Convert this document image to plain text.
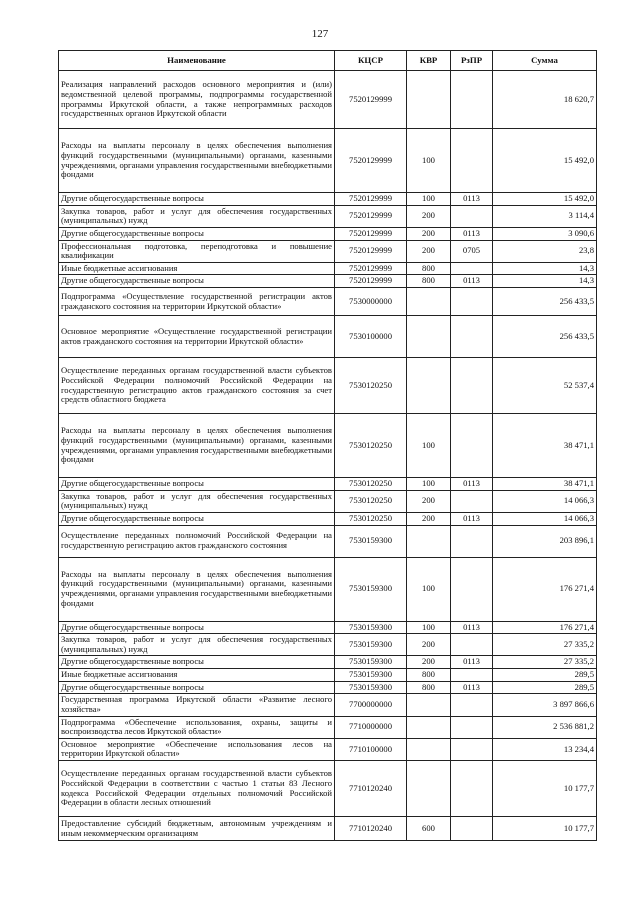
127
Наименование	КЦСР	КВР	РзПР	Сумма
Реализация направлений расходов основного мероприятия и (или) ведомственной целевой программы, подпрограммы государственной программы Иркутской области, а также непрограммных расходов государственных органов Иркутской области	7520129999			18 620,7
Расходы на выплаты персоналу в целях обеспечения выполнения функций государственными (муниципальными) органами, казенными учреждениями, органами управления государственными внебюджетными фондами	7520129999	100		15 492,0
Другие общегосударственные вопросы	7520129999	100	0113	15 492,0
Закупка товаров, работ и услуг для обеспечения государственных (муниципальных) нужд	7520129999	200		3 114,4
Другие общегосударственные вопросы	7520129999	200	0113	3 090,6
Профессиональная подготовка, переподготовка и повышение квалификации	7520129999	200	0705	23,8
Иные бюджетные ассигнования	7520129999	800		14,3
Другие общегосударственные вопросы	7520129999	800	0113	14,3
Подпрограмма «Осуществление государственной регистрации актов гражданского состояния на территории Иркутской области»	7530000000			256 433,5
Основное мероприятие «Осуществление государственной регистрации актов гражданского состояния на территории Иркутской области»	7530100000			256 433,5
Осуществление переданных органам государственной власти субъектов Российской Федерации полномочий Российской Федерации на государственную регистрацию актов гражданского состояния за счет средств областного бюджета	7530120250			52 537,4
Расходы на выплаты персоналу в целях обеспечения выполнения функций государственными (муниципальными) органами, казенными учреждениями, органами управления государственными внебюджетными фондами	7530120250	100		38 471,1
Другие общегосударственные вопросы	7530120250	100	0113	38 471,1
Закупка товаров, работ и услуг для обеспечения государственных (муниципальных) нужд	7530120250	200		14 066,3
Другие общегосударственные вопросы	7530120250	200	0113	14 066,3
Осуществление переданных полномочий Российской Федерации на государственную регистрацию актов гражданского состояния	7530159300			203 896,1
Расходы на выплаты персоналу в целях обеспечения выполнения функций государственными (муниципальными) органами, казенными учреждениями, органами управления государственными внебюджетными фондами	7530159300	100		176 271,4
Другие общегосударственные вопросы	7530159300	100	0113	176 271,4
Закупка товаров, работ и услуг для обеспечения государственных (муниципальных) нужд	7530159300	200		27 335,2
Другие общегосударственные вопросы	7530159300	200	0113	27 335,2
Иные бюджетные ассигнования	7530159300	800		289,5
Другие общегосударственные вопросы	7530159300	800	0113	289,5
Государственная программа Иркутской области «Развитие лесного хозяйства»	7700000000			3 897 866,6
Подпрограмма «Обеспечение использования, охраны, защиты и воспроизводства лесов Иркутской области»	7710000000			2 536 881,2
Основное мероприятие «Обеспечение использования лесов на территории Иркутской области»	7710100000			13 234,4
Осуществление переданных органам государственной власти субъектов Российской Федерации в соответствии с частью 1 статьи 83 Лесного кодекса Российской Федерации отдельных полномочий Российской Федерации в области лесных отношений	7710120240			10 177,7
Предоставление субсидий бюджетным, автономным учреждениям и иным некоммерческим организациям	7710120240	600		10 177,7
